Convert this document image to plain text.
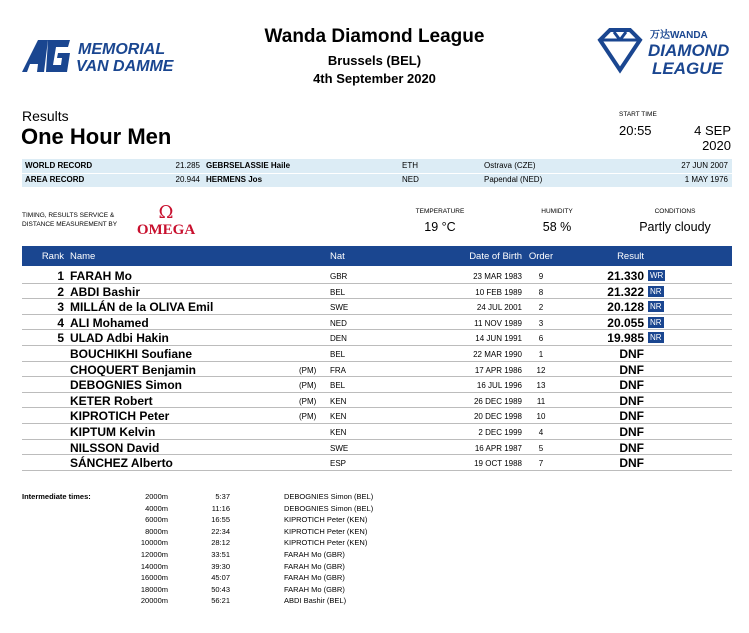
MEMORIAL
VAN DAMME
Wanda Diamond League
Brussels (BEL)
4th September 2020
万达WANDA
DIAMOND
LEAGUE
Results
One Hour Men
START TIME
20:55	4 SEP 2020
WORLD RECORD	21.285 GEBRSELASSIE Haile	ETH	Ostrava (CZE)	27 JUN 2007
AREA RECORD	20.944 HERMENS Jos	NED	Papendal (NED)	1 MAY 1976
TIMING, RESULTS SERVICE & DISTANCE MEASUREMENT BY
Ω
OMEGA
TEMPERATURE
19 °C
HUMIDITY
58 %
CONDITIONS
Partly cloudy
Rank Name	Nat	Date of Birth Order	Result
1 FARAH Mo	GBR	23 MAR 1983	9	21.330 WR
2 ABDI Bashir	BEL	10 FEB 1989	8	21.322 NR
3 MILLÁN de la OLIVA Emil	SWE	24 JUL 2001	2	20.128 NR
4 ALI Mohamed	NED	11 NOV 1989	3	20.055 NR
5 ULAD Adbi Hakin	DEN	14 JUN 1991	6	19.985 NR
BOUCHIKHI Soufiane	BEL	22 MAR 1990	1	DNF
CHOQUERT Benjamin	(PM) FRA	17 APR 1986	12	DNF
DEBOGNIES Simon	(PM) BEL	16 JUL 1996	13	DNF
KETER Robert	(PM) KEN	26 DEC 1989	11	DNF
KIPROTICH Peter	(PM) KEN	20 DEC 1998	10	DNF
KIPTUM Kelvin	KEN	2 DEC 1999	4	DNF
NILSSON David	SWE	16 APR 1987	5	DNF
SÁNCHEZ Alberto	ESP	19 OCT 1988	7	DNF
Intermediate times:	2000m	5:37	DEBOGNIES Simon (BEL)
4000m	11:16	DEBOGNIES Simon (BEL)
6000m	16:55	KIPROTICH Peter (KEN)
8000m	22:34	KIPROTICH Peter (KEN)
10000m	28:12	KIPROTICH Peter (KEN)
12000m	33:51	FARAH Mo (GBR)
14000m	39:30	FARAH Mo (GBR)
16000m	45:07	FARAH Mo (GBR)
18000m	50:43	FARAH Mo (GBR)
20000m	56:21	ABDI Bashir (BEL)
